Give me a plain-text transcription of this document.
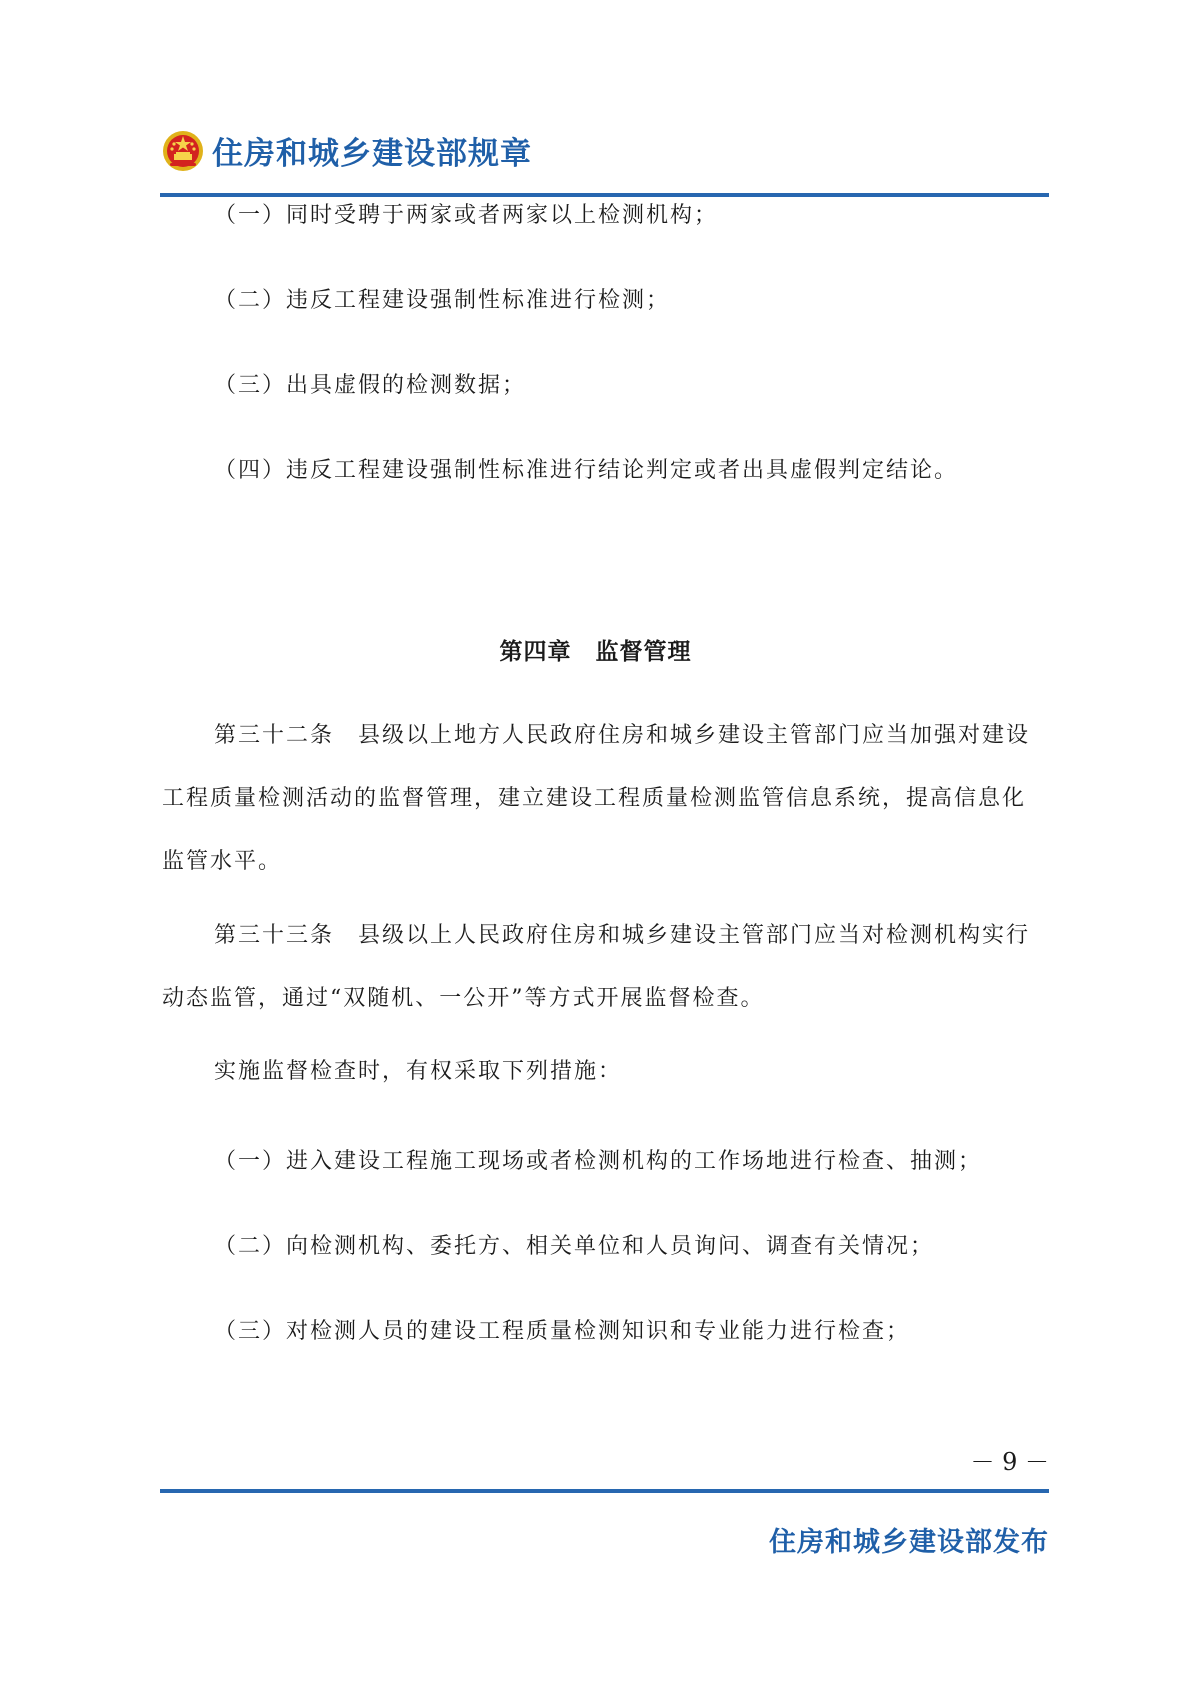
住房和城乡建设部规章

（一）同时受聘于两家或者两家以上检测机构；

（二）违反工程建设强制性标准进行检测；

（三）出具虚假的检测数据；

（四）违反工程建设强制性标准进行结论判定或者出具虚假判定结论。

第四章　监督管理

第三十二条　县级以上地方人民政府住房和城乡建设主管部门应当加强对建设工程质量检测活动的监督管理，建立建设工程质量检测监管信息系统，提高信息化监管水平。

第三十三条　县级以上人民政府住房和城乡建设主管部门应当对检测机构实行动态监管，通过“双随机、一公开”等方式开展监督检查。

实施监督检查时，有权采取下列措施：

（一）进入建设工程施工现场或者检测机构的工作场地进行检查、抽测；

（二）向检测机构、委托方、相关单位和人员询问、调查有关情况；

（三）对检测人员的建设工程质量检测知识和专业能力进行检查；

－ 9 －
住房和城乡建设部发布
